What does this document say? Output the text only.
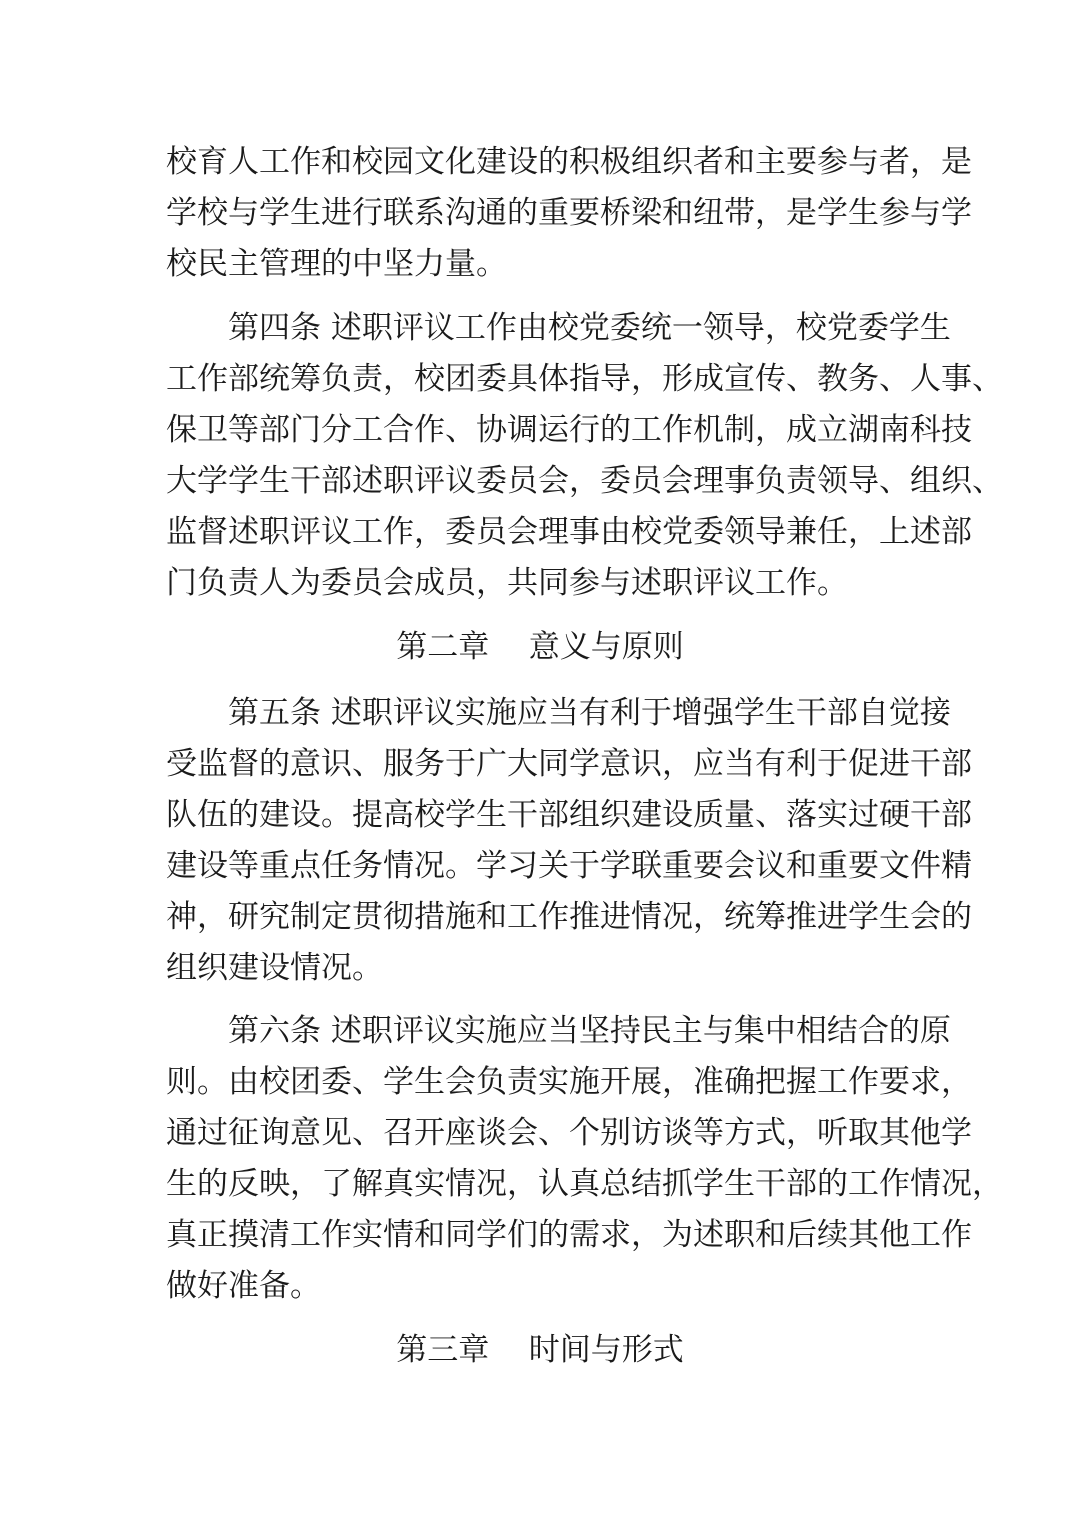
校育人工作和校园文化建设的积极组织者和主要参与者，是
学校与学生进行联系沟通的重要桥梁和纽带，是学生参与学
校民主管理的中坚力量。
第四条 述职评议工作由校党委统一领导，校党委学生
工作部统筹负责，校团委具体指导，形成宣传、教务、人事、
保卫等部门分工合作、协调运行的工作机制，成立湖南科技
大学学生干部述职评议委员会，委员会理事负责领导、组织、
监督述职评议工作，委员会理事由校党委领导兼任，上述部
门负责人为委员会成员，共同参与述职评议工作。
第二章    意义与原则
第五条 述职评议实施应当有利于增强学生干部自觉接
受监督的意识、服务于广大同学意识，应当有利于促进干部
队伍的建设。提高校学生干部组织建设质量、落实过硬干部
建设等重点任务情况。学习关于学联重要会议和重要文件精
神，研究制定贯彻措施和工作推进情况，统筹推进学生会的
组织建设情况。
第六条 述职评议实施应当坚持民主与集中相结合的原
则。由校团委、学生会负责实施开展，准确把握工作要求，
通过征询意见、召开座谈会、个别访谈等方式，听取其他学
生的反映，了解真实情况，认真总结抓学生干部的工作情况，
真正摸清工作实情和同学们的需求，为述职和后续其他工作
做好准备。
第三章    时间与形式
